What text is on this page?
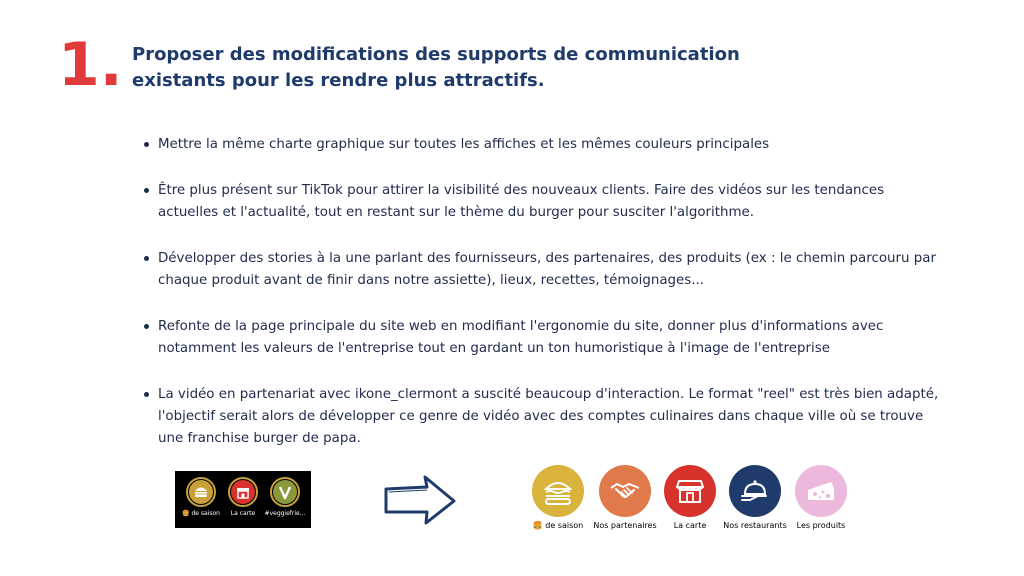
1. Proposer des modifications des supports de communication
existants pour les rendre plus attractifs.
Mettre la même charte graphique sur toutes les affiches et les mêmes couleurs principales
Être plus présent sur TikTok pour attirer la visibilité des nouveaux clients. Faire des vidéos sur les tendances actuelles et l'actualité, tout en restant sur le thème du burger pour susciter l'algorithme.
Développer des stories à la une parlant des fournisseurs, des partenaires, des produits (ex : le chemin parcouru par chaque produit avant de finir dans notre assiette), lieux, recettes, témoignages...
Refonte de la page principale du site web en modifiant l'ergonomie du site, donner plus d'informations avec notamment les valeurs de l'entreprise tout en gardant un ton humoristique à l'image de l'entreprise
La vidéo en partenariat avec ikone_clermont a suscité beaucoup d'interaction. Le format "reel" est très bien adapté, l'objectif serait alors de développer ce genre de vidéo avec des comptes culinaires dans chaque ville où se trouve une franchise burger de papa.
🍔 de saison	La carte	#veggiefrie...
🍔 de saison	Nos partenaires	La carte	Nos restaurants	Les produits
